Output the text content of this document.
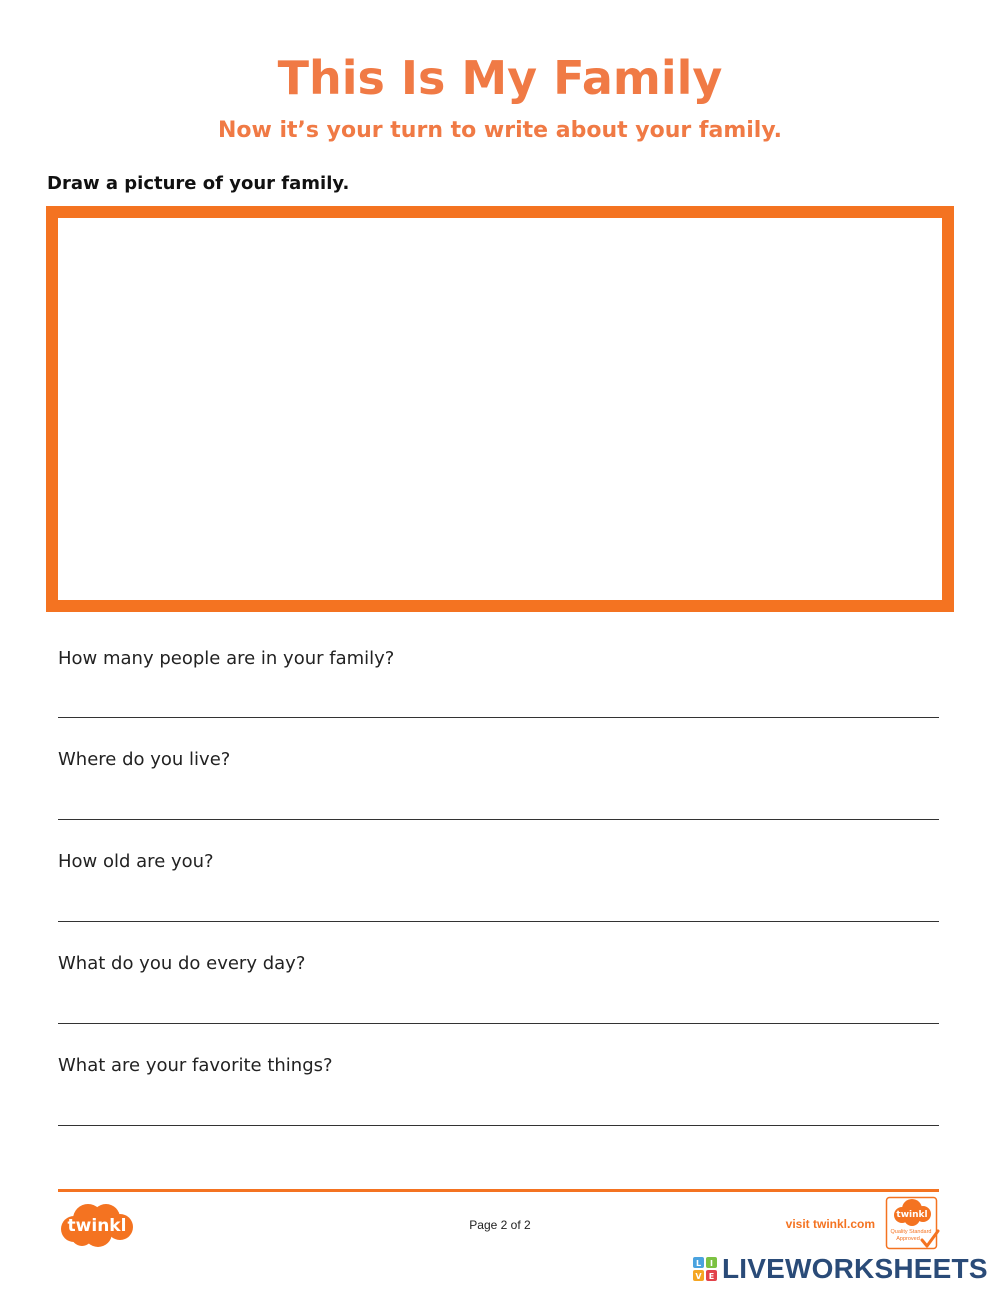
This Is My Family
Now it’s your turn to write about your family.
Draw a picture of your family.
How many people are in your family?
Where do you live?
How old are you?
What do you do every day?
What are your favorite things?
twinkl	Page 2 of 2	visit twinkl.com
twinkl
Quality Standard
Approved
L I
V E LIVEWORKSHEETS
